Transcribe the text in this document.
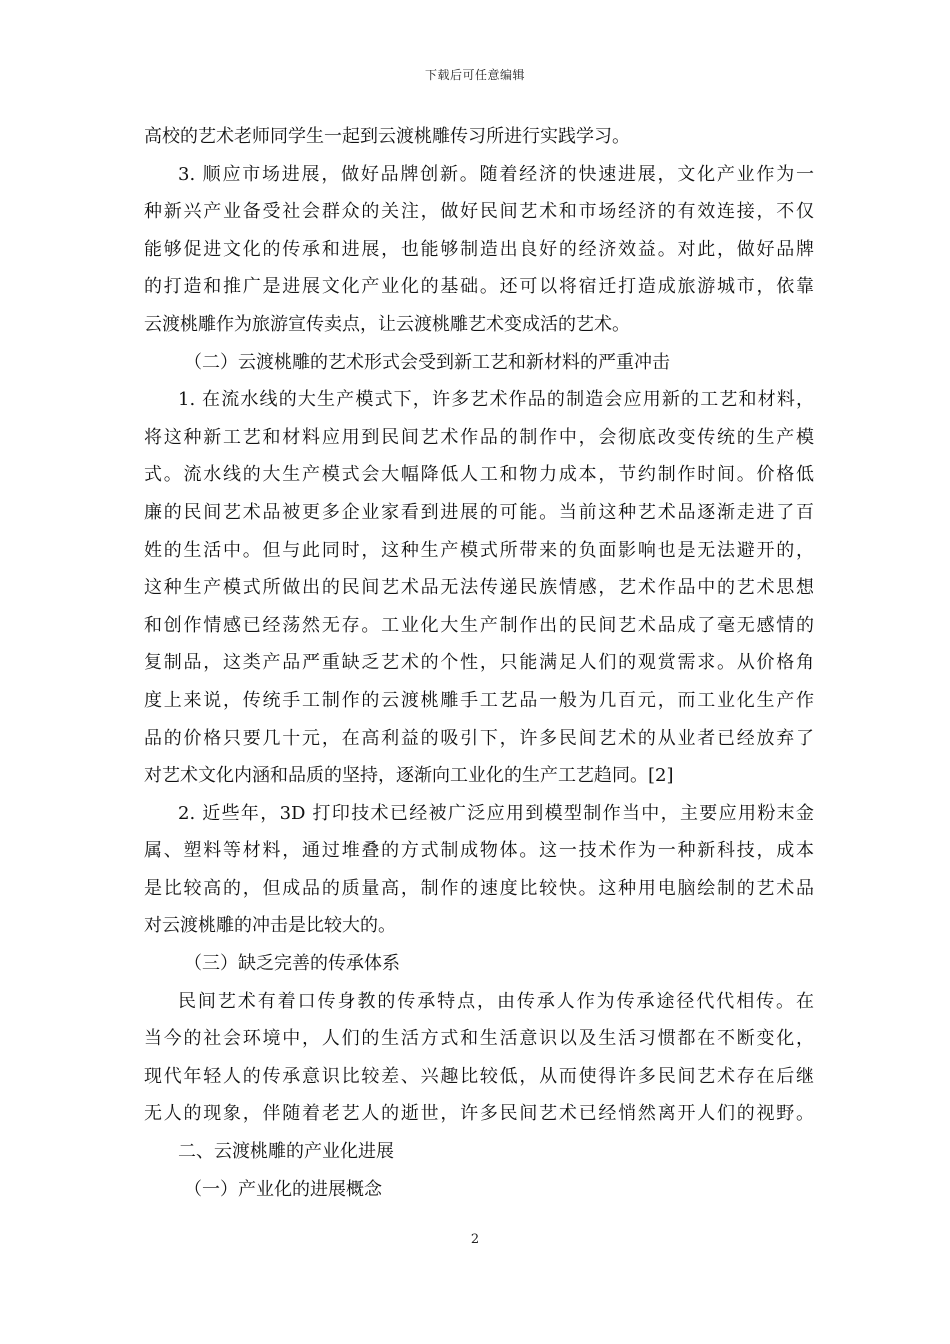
下载后可任意编辑
高校的艺术老师同学生一起到云渡桃雕传习所进行实践学习。
3. 顺应市场进展，做好品牌创新。随着经济的快速进展，文化产业作为一
种新兴产业备受社会群众的关注，做好民间艺术和市场经济的有效连接，不仅
能够促进文化的传承和进展，也能够制造出良好的经济效益。对此，做好品牌
的打造和推广是进展文化产业化的基础。还可以将宿迁打造成旅游城市，依靠
云渡桃雕作为旅游宣传卖点，让云渡桃雕艺术变成活的艺术。
（二）云渡桃雕的艺术形式会受到新工艺和新材料的严重冲击
1. 在流水线的大生产模式下，许多艺术作品的制造会应用新的工艺和材料，
将这种新工艺和材料应用到民间艺术作品的制作中，会彻底改变传统的生产模
式。流水线的大生产模式会大幅降低人工和物力成本，节约制作时间。价格低
廉的民间艺术品被更多企业家看到进展的可能。当前这种艺术品逐渐走进了百
姓的生活中。但与此同时，这种生产模式所带来的负面影响也是无法避开的，
这种生产模式所做出的民间艺术品无法传递民族情感，艺术作品中的艺术思想
和创作情感已经荡然无存。工业化大生产制作出的民间艺术品成了毫无感情的
复制品，这类产品严重缺乏艺术的个性，只能满足人们的观赏需求。从价格角
度上来说，传统手工制作的云渡桃雕手工艺品一般为几百元，而工业化生产作
品的价格只要几十元，在高利益的吸引下，许多民间艺术的从业者已经放弃了
对艺术文化内涵和品质的坚持，逐渐向工业化的生产工艺趋同。[2]
2. 近些年，3D 打印技术已经被广泛应用到模型制作当中，主要应用粉末金
属、塑料等材料，通过堆叠的方式制成物体。这一技术作为一种新科技，成本
是比较高的，但成品的质量高，制作的速度比较快。这种用电脑绘制的艺术品
对云渡桃雕的冲击是比较大的。
（三）缺乏完善的传承体系
民间艺术有着口传身教的传承特点，由传承人作为传承途径代代相传。在
当今的社会环境中，人们的生活方式和生活意识以及生活习惯都在不断变化，
现代年轻人的传承意识比较差、兴趣比较低，从而使得许多民间艺术存在后继
无人的现象，伴随着老艺人的逝世，许多民间艺术已经悄然离开人们的视野。
二、云渡桃雕的产业化进展
（一）产业化的进展概念
2
